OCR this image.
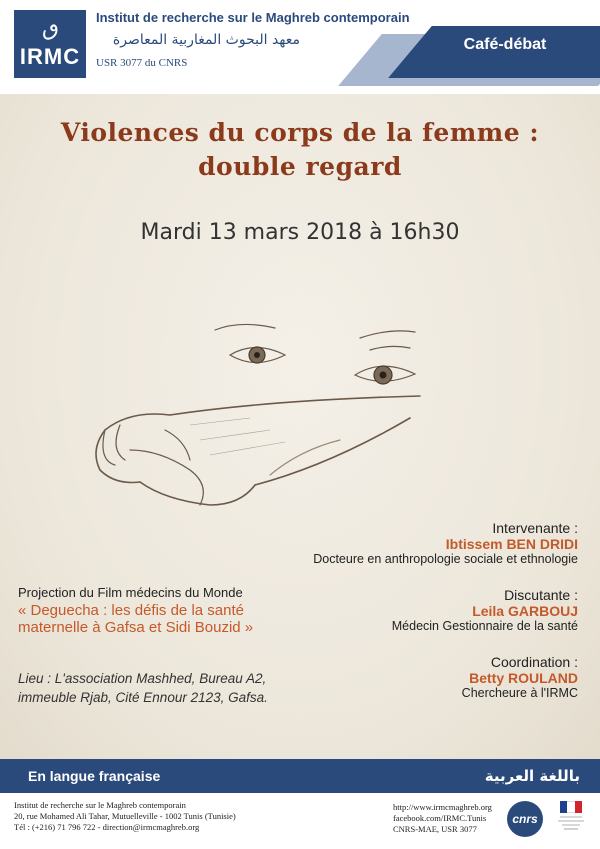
ٯ
IRMC
Institut de recherche sur le Maghreb contemporain
معهد البحوث المغاربية المعاصرة
USR 3077 du CNRS
Café-débat
Violences du corps de la femme :
double regard
Mardi 13 mars 2018 à 16h30
Intervenante :
Ibtissem BEN DRIDI
Docteure en anthropologie sociale et ethnologie
Discutante :
Leila GARBOUJ
Médecin Gestionnaire de la santé
Coordination :
Betty ROULAND
Chercheure à l'IRMC
Projection du Film médecins du Monde
« Deguecha : les défis de la santé
maternelle à Gafsa et Sidi Bouzid »
Lieu : L'association Mashhed, Bureau A2,
immeuble Rjab, Cité Ennour 2123, Gafsa.
En langue française	باللغة العربية
Institut de recherche sur le Maghreb contemporain
20, rue Mohamed Ali Tahar, Mutuelleville - 1002 Tunis (Tunisie)
Tél : (+216) 71 796 722 - direction@irmcmaghreb.org
http://www.irmcmaghreb.org
facebook.com/IRMC.Tunis
CNRS-MAE, USR 3077
cnrs
